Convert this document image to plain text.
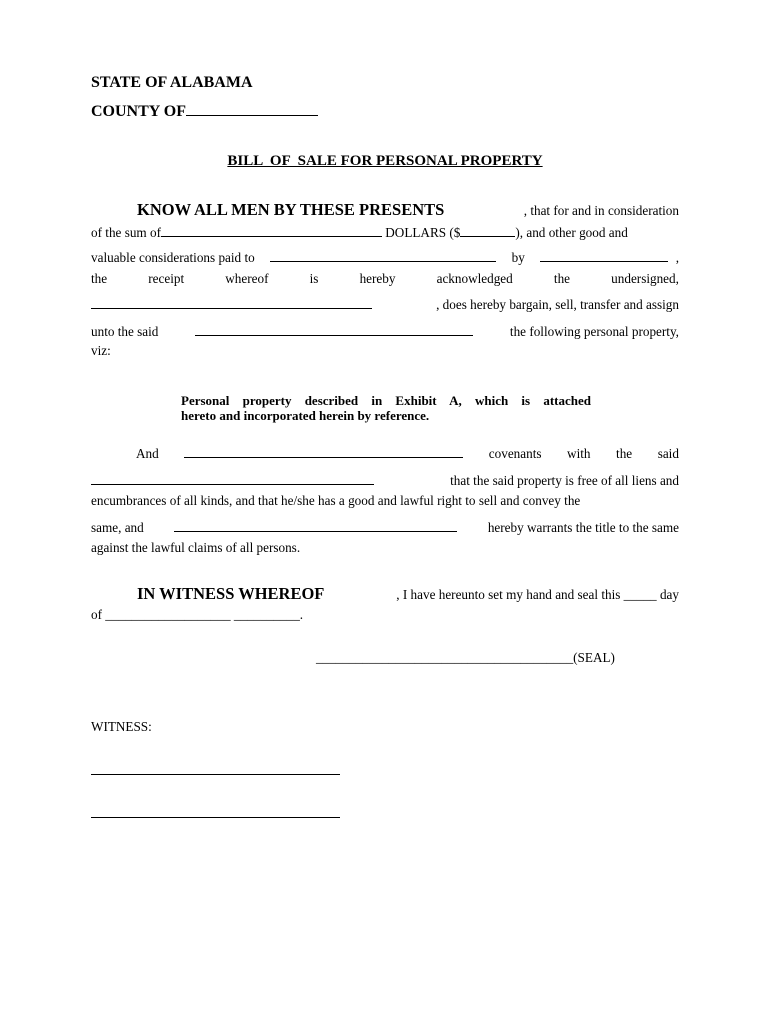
STATE OF ALABAMA
COUNTY OF
BILL  OF  SALE FOR PERSONAL PROPERTY
KNOW ALL MEN BY THESE PRESENTS	, that for and in consideration
of the sum of	DOLLARS ($	), and other good and
valuable considerations paid to	by	,
the	receipt	whereof	is	hereby	acknowledged	the	undersigned,
, does hereby bargain, sell, transfer and assign
unto the said	the following personal property,
viz:
Personal property described in Exhibit A, which is attached
hereto and incorporated herein by reference.
And	covenants with the said
that the said property is free of all liens and
encumbrances of all kinds, and that he/she has a good and lawful right to sell and convey the
same, and	hereby warrants the title to the same
against the lawful claims of all persons.
IN WITNESS WHEREOF	, I have hereunto set my hand and seal this _____ day
of ___________________ __________.
_______________________________________(SEAL)
WITNESS:
